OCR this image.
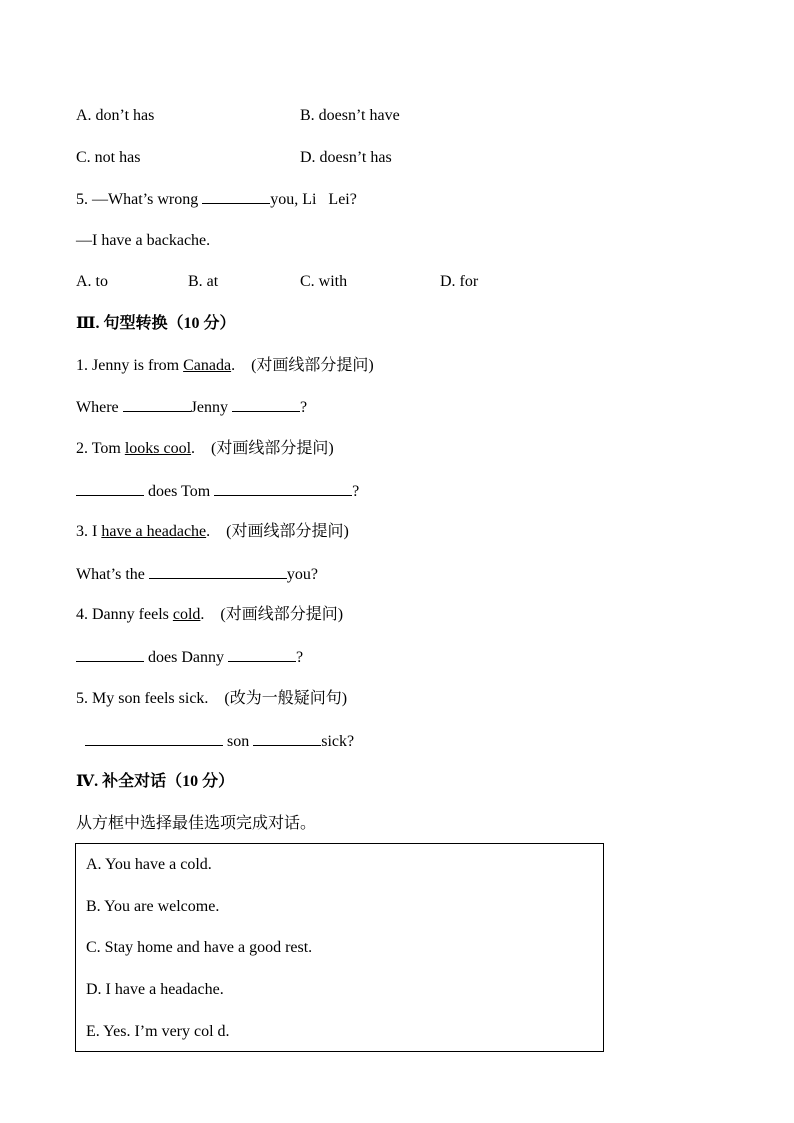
A. don’t has	B. doesn’t have
C. not has	D. doesn’t has
5. —What’s wrong	you, Li   Lei?
—I have a backache.
A. to	B. at	C. with	D. for
Ⅲ. 句型转换（10 分）
1. Jenny is from Canada.    (对画线部分提问)
Where	Jenny	?
2. Tom looks cool.    (对画线部分提问)
does Tom	?
3. I have a headache.    (对画线部分提问)
What’s the	you?
4. Danny feels cold.    (对画线部分提问)
does Danny	?
5. My son feels sick.    (改为一般疑问句)
son	sick?
Ⅳ. 补全对话（10 分）
从方框中选择最佳选项完成对话。
A. You have a cold.
B. You are welcome.
C. Stay home and have a good rest.
D. I have a headache.
E. Yes. I’m very col d.
